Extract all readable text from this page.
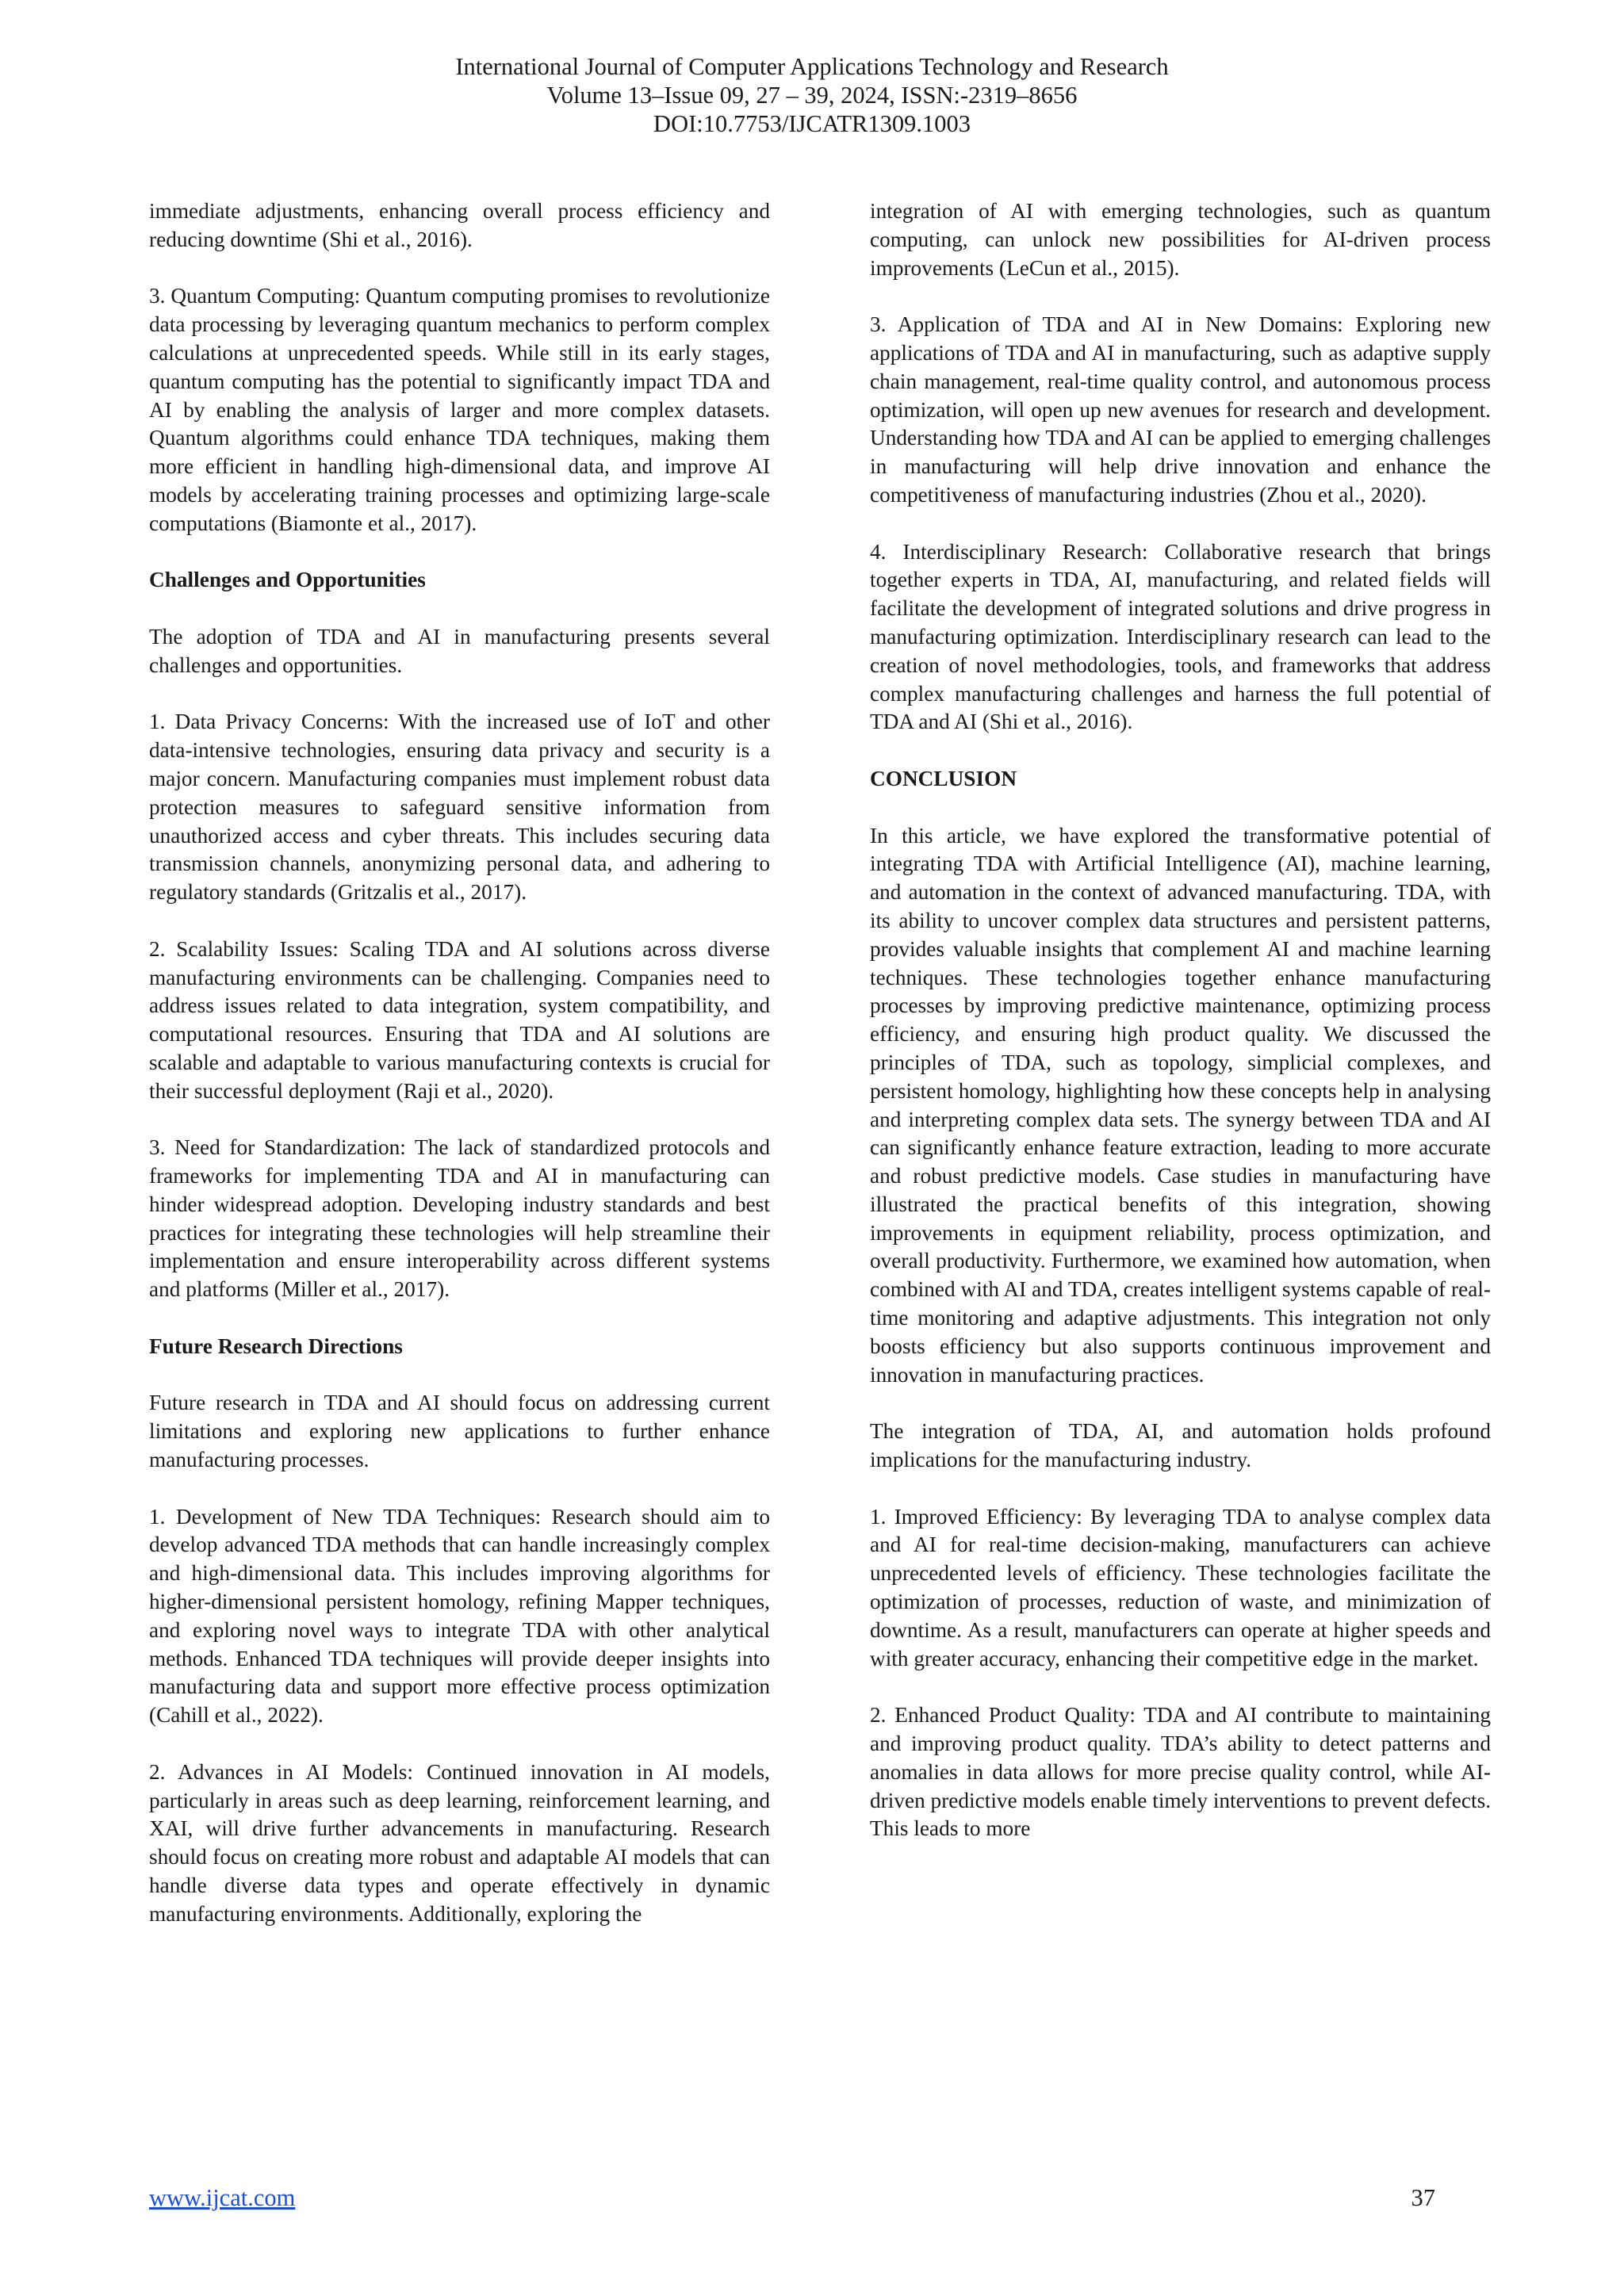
International Journal of Computer Applications Technology and Research
Volume 13–Issue 09, 27 – 39, 2024, ISSN:-2319–8656
DOI:10.7753/IJCATR1309.1003

immediate adjustments, enhancing overall process efficiency and reducing downtime (Shi et al., 2016).

3. Quantum Computing: Quantum computing promises to revolutionize data processing by leveraging quantum mechanics to perform complex calculations at unprecedented speeds. While still in its early stages, quantum computing has the potential to significantly impact TDA and AI by enabling the analysis of larger and more complex datasets. Quantum algorithms could enhance TDA techniques, making them more efficient in handling high-dimensional data, and improve AI models by accelerating training processes and optimizing large-scale computations (Biamonte et al., 2017).

Challenges and Opportunities

The adoption of TDA and AI in manufacturing presents several challenges and opportunities.

1. Data Privacy Concerns: With the increased use of IoT and other data-intensive technologies, ensuring data privacy and security is a major concern. Manufacturing companies must implement robust data protection measures to safeguard sensitive information from unauthorized access and cyber threats. This includes securing data transmission channels, anonymizing personal data, and adhering to regulatory standards (Gritzalis et al., 2017).

2. Scalability Issues: Scaling TDA and AI solutions across diverse manufacturing environments can be challenging. Companies need to address issues related to data integration, system compatibility, and computational resources. Ensuring that TDA and AI solutions are scalable and adaptable to various manufacturing contexts is crucial for their successful deployment (Raji et al., 2020).

3. Need for Standardization: The lack of standardized protocols and frameworks for implementing TDA and AI in manufacturing can hinder widespread adoption. Developing industry standards and best practices for integrating these technologies will help streamline their implementation and ensure interoperability across different systems and platforms (Miller et al., 2017).

Future Research Directions

Future research in TDA and AI should focus on addressing current limitations and exploring new applications to further enhance manufacturing processes.

1. Development of New TDA Techniques: Research should aim to develop advanced TDA methods that can handle increasingly complex and high-dimensional data. This includes improving algorithms for higher-dimensional persistent homology, refining Mapper techniques, and exploring novel ways to integrate TDA with other analytical methods. Enhanced TDA techniques will provide deeper insights into manufacturing data and support more effective process optimization (Cahill et al., 2022).

2. Advances in AI Models: Continued innovation in AI models, particularly in areas such as deep learning, reinforcement learning, and XAI, will drive further advancements in manufacturing. Research should focus on creating more robust and adaptable AI models that can handle diverse data types and operate effectively in dynamic manufacturing environments. Additionally, exploring the

integration of AI with emerging technologies, such as quantum computing, can unlock new possibilities for AI-driven process improvements (LeCun et al., 2015).

3. Application of TDA and AI in New Domains: Exploring new applications of TDA and AI in manufacturing, such as adaptive supply chain management, real-time quality control, and autonomous process optimization, will open up new avenues for research and development. Understanding how TDA and AI can be applied to emerging challenges in manufacturing will help drive innovation and enhance the competitiveness of manufacturing industries (Zhou et al., 2020).

4. Interdisciplinary Research: Collaborative research that brings together experts in TDA, AI, manufacturing, and related fields will facilitate the development of integrated solutions and drive progress in manufacturing optimization. Interdisciplinary research can lead to the creation of novel methodologies, tools, and frameworks that address complex manufacturing challenges and harness the full potential of TDA and AI (Shi et al., 2016).

CONCLUSION

In this article, we have explored the transformative potential of integrating TDA with Artificial Intelligence (AI), machine learning, and automation in the context of advanced manufacturing. TDA, with its ability to uncover complex data structures and persistent patterns, provides valuable insights that complement AI and machine learning techniques. These technologies together enhance manufacturing processes by improving predictive maintenance, optimizing process efficiency, and ensuring high product quality. We discussed the principles of TDA, such as topology, simplicial complexes, and persistent homology, highlighting how these concepts help in analysing and interpreting complex data sets. The synergy between TDA and AI can significantly enhance feature extraction, leading to more accurate and robust predictive models. Case studies in manufacturing have illustrated the practical benefits of this integration, showing improvements in equipment reliability, process optimization, and overall productivity. Furthermore, we examined how automation, when combined with AI and TDA, creates intelligent systems capable of real-time monitoring and adaptive adjustments. This integration not only boosts efficiency but also supports continuous improvement and innovation in manufacturing practices.

The integration of TDA, AI, and automation holds profound implications for the manufacturing industry.

1. Improved Efficiency: By leveraging TDA to analyse complex data and AI for real-time decision-making, manufacturers can achieve unprecedented levels of efficiency. These technologies facilitate the optimization of processes, reduction of waste, and minimization of downtime. As a result, manufacturers can operate at higher speeds and with greater accuracy, enhancing their competitive edge in the market.

2. Enhanced Product Quality: TDA and AI contribute to maintaining and improving product quality. TDA’s ability to detect patterns and anomalies in data allows for more precise quality control, while AI-driven predictive models enable timely interventions to prevent defects. This leads to more

www.ijcat.com	37
